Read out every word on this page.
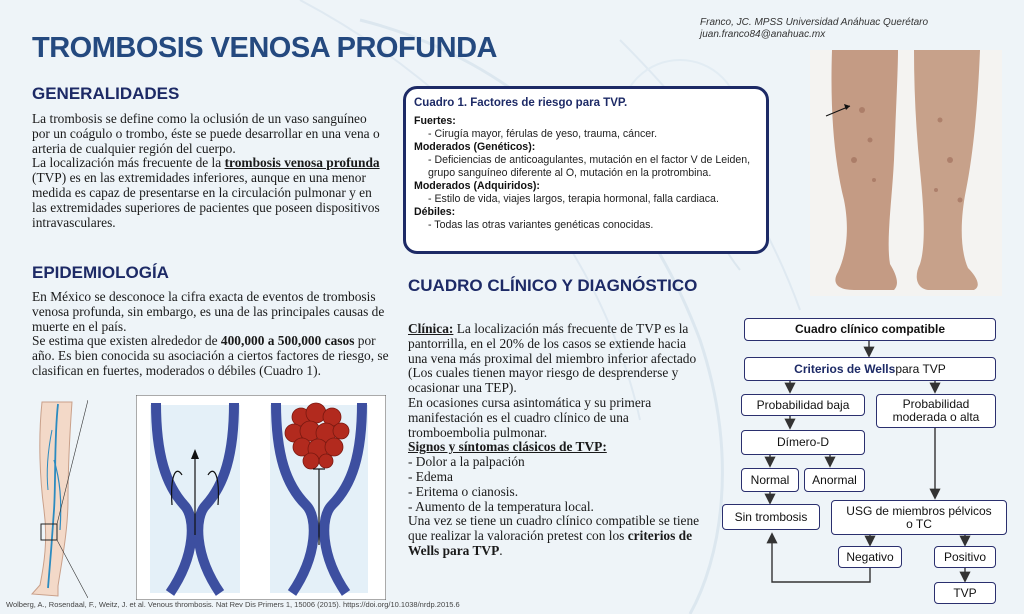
TROMBOSIS VENOSA PROFUNDA
Franco, JC. MPSS Universidad Anáhuac Querétaro
juan.franco84@anahuac.mx
GENERALIDADES
La trombosis se define como la oclusión de un vaso sanguíneo por un coágulo o trombo, éste se puede desarrollar en una vena o arteria de cualquier región del cuerpo.
La localización más frecuente de la trombosis venosa profunda (TVP) es en las extremidades inferiores, aunque en una menor medida es capaz de presentarse en la circulación pulmonar y en las extremidades superiores de pacientes que poseen dispositivos intravasculares.
EPIDEMIOLOGÍA
En México se desconoce la cifra exacta de eventos de trombosis venosa profunda, sin embargo, es una de las principales causas de muerte en el país.
Se estima que existen alrededor de 400,000 a 500,000 casos por año. Es bien conocida su asociación a ciertos factores de riesgo, se clasifican en fuertes, moderados o débiles (Cuadro 1).
Cuadro 1. Factores de riesgo para TVP.
Fuertes:
- Cirugía mayor, férulas de yeso, trauma, cáncer.
Moderados (Genéticos):
- Deficiencias de anticoagulantes, mutación en el factor V de Leiden, grupo sanguíneo diferente al O, mutación en la protrombina.
Moderados (Adquiridos):
- Estilo de vida, viajes largos, terapia hormonal, falla cardiaca.
Débiles:
- Todas las otras variantes genéticas conocidas.
CUADRO CLÍNICO Y DIAGNÓSTICO
Clínica: La localización más frecuente de TVP es la pantorrilla, en el 20% de los casos se extiende hacia una vena más proximal del miembro inferior afectado (Los cuales tienen mayor riesgo de desprenderse y ocasionar una TEP).
En ocasiones cursa asintomática y su primera manifestación es el cuadro clínico de una tromboembolia pulmonar.
Signos y síntomas clásicos de TVP:
- Dolor a la palpación
- Edema
- Eritema o cianosis.
- Aumento de la temperatura local.
Una vez se tiene un cuadro clínico compatible se tiene que realizar la valoración pretest con los criterios de Wells para TVP.
Cuadro clínico compatible
Criterios de Wells para TVP
Probabilidad baja	Probabilidad moderada o alta
Dímero-D
Normal	Anormal
Sin trombosis	USG de miembros pélvicos o TC
Negativo	Positivo
TVP
Wolberg, A., Rosendaal, F., Weitz, J. et al. Venous thrombosis. Nat Rev Dis Primers 1, 15006 (2015). https://doi.org/10.1038/nrdp.2015.6
